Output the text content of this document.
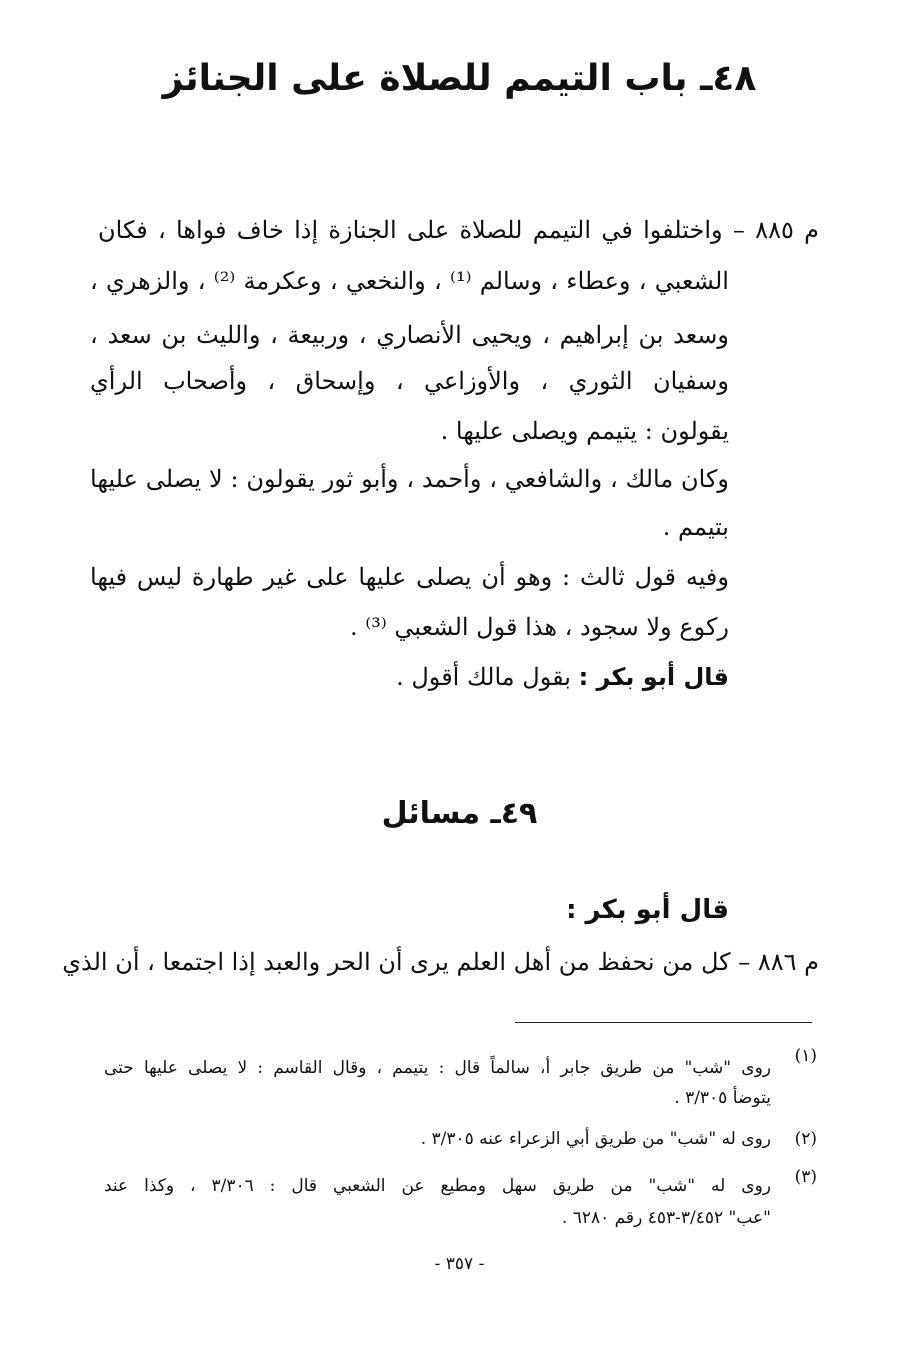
٤٨ـ باب التيمم للصلاة على الجنائز
م ٨٨٥ – واختلفوا في التيمم للصلاة على الجنازة إذا خاف فواها ، فكان
الشعبي ، وعطاء ، وسالم ⁽¹⁾ ، والنخعي ، وعكرمة ⁽²⁾ ، والزهري ،
وسعد بن إبراهيم ، ويحيى الأنصاري ، وربيعة ، والليث بن سعد ،
وسفيان الثوري ، والأوزاعي ، وإسحاق ، وأصحاب الرأي
يقولون : يتيمم ويصلى عليها .
وكان مالك ، والشافعي ، وأحمد ، وأبو ثور يقولون : لا يصلى عليها
بتيمم .
وفيه قول ثالث : وهو أن يصلى عليها على غير طهارة ليس فيها
ركوع ولا سجود ، هذا قول الشعبي ⁽³⁾ .
قال أبو بكر : بقول مالك أقول .
٤٩ـ مسائل
قال أبو بكر :
م ٨٨٦ – كل من نحفظ من أهل العلم يرى أن الحر والعبد إذا اجتمعا ، أن الذي
(١)
روى "شب" من طريق جابر أ، سالماً قال : يتيمم ، وقال القاسم : لا يصلى عليها حتى
يتوضأ ٣/٣٠٥ .
(٢)
روى له "شب" من طريق أبي الزعراء عنه ٣/٣٠٥ .
(٣)
روى له "شب" من طريق سهل ومطيع عن الشعبي قال : ٣/٣٠٦ ، وكذا عند
"عب" ٣/٤٥٢-٤٥٣ رقم ٦٢٨٠ .
- ٣٥٧ -
